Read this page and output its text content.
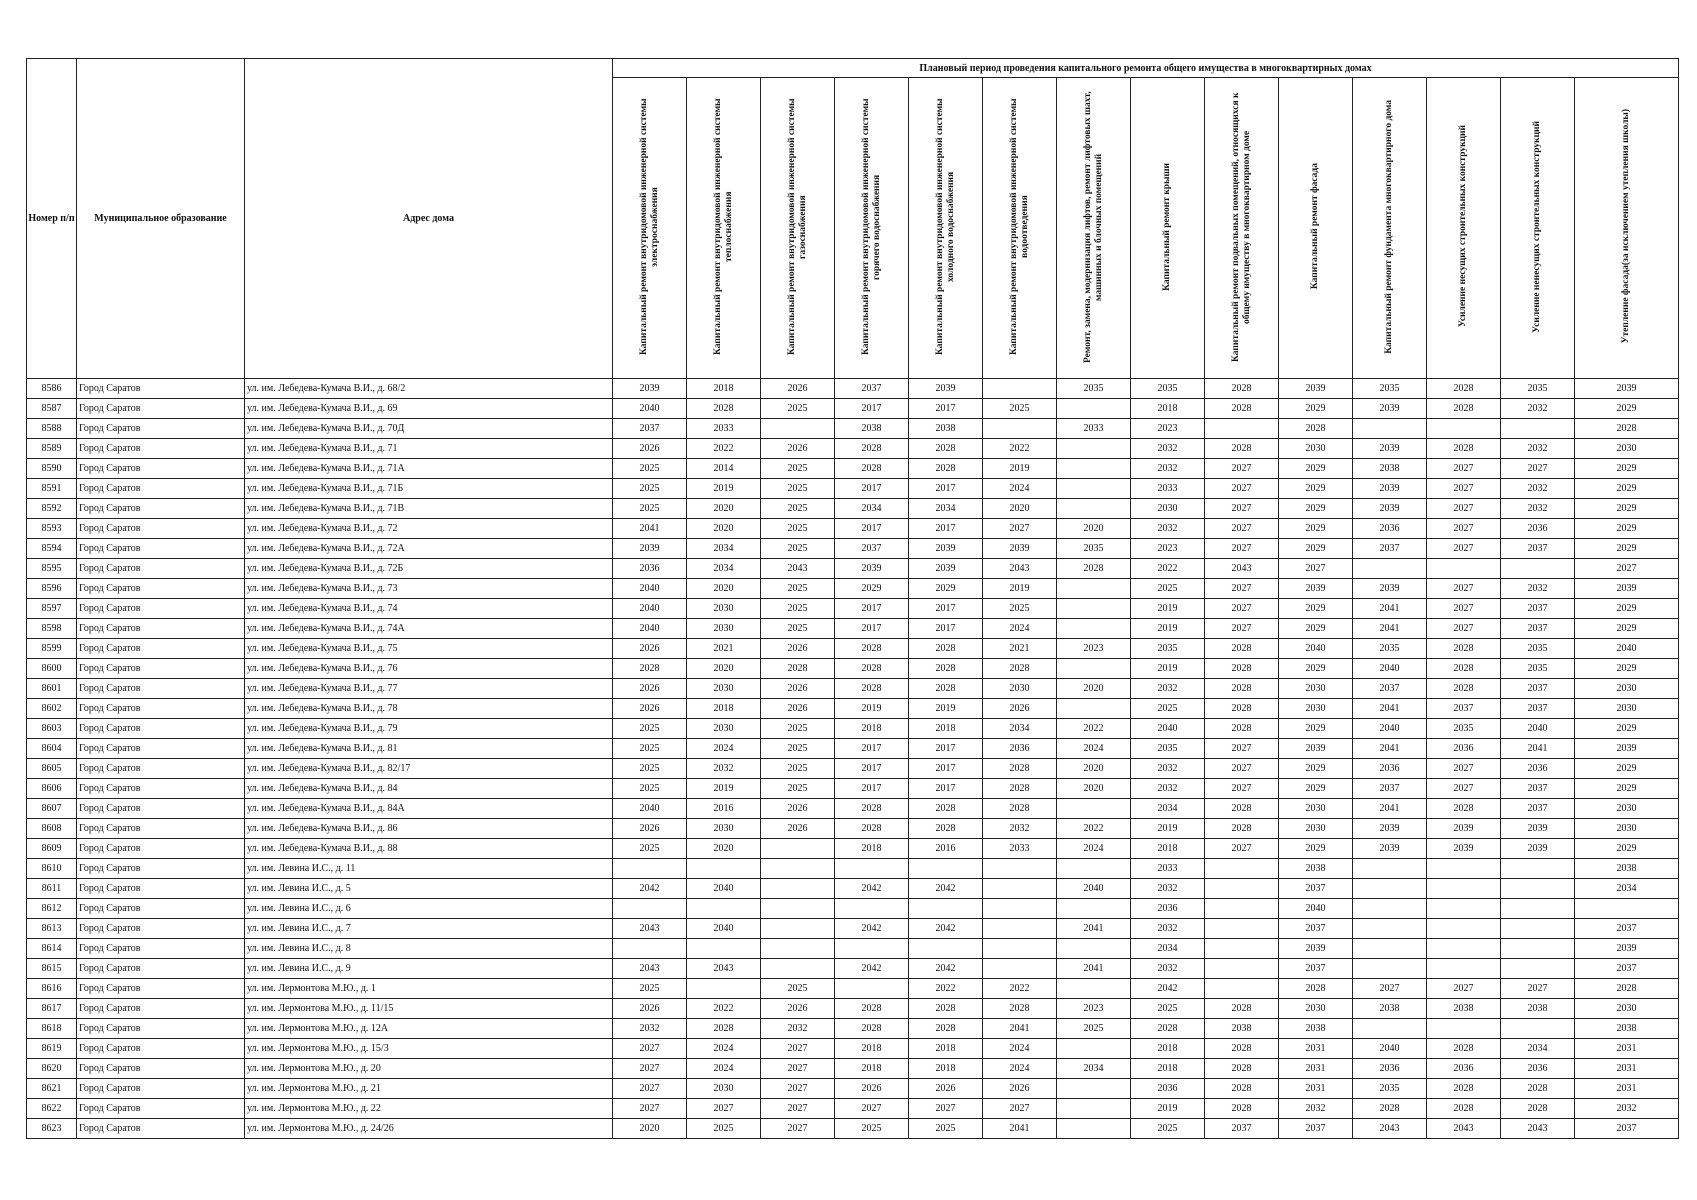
Номер п/п	Муниципальное образование	Адрес дома	Плановый период проведения капитального ремонта общего имущества в многоквартирных домах													
			Капитальный ремонт внутридомовой инженерной системы электроснабжения	Капитальный ремонт внутридомовой инженерной системы теплоснабжения	Капитальный ремонт внутридомовой инженерной системы газоснабжения	Капитальный ремонт внутридомовой инженерной системы горячего водоснабжения	Капитальный ремонт внутридомовой инженерной системы холодного водоснабжения	Капитальный ремонт внутридомовой инженерной системы водоотведения	Ремонт, замена, модернизация лифтов, ремонт лифтовых шахт, машинных и блочных помещений	Капитальный ремонт крыши	Капитальный ремонт подвальных помещений, относящихся к общему имуществу в многоквартирном доме	Капитальный ремонт фасада	Капитальный ремонт фундамента многоквартирного дома	Усиление несущих строительных конструкций	Усиление ненесущих строительных конструкций	Утепление фасада(за исключением утепления школы)
8586	Город Саратов	ул. им. Лебедева-Кумача В.И., д. 68/2	2039	2018	2026	2037	2039		2035	2035	2028	2039	2035	2028	2035	2039
8587	Город Саратов	ул. им. Лебедева-Кумача В.И., д. 69	2040	2028	2025	2017	2017	2025		2018	2028	2029	2039	2028	2032	2029
8588	Город Саратов	ул. им. Лебедева-Кумача В.И., д. 70Д	2037	2033		2038	2038		2033	2023		2028				2028
8589	Город Саратов	ул. им. Лебедева-Кумача В.И., д. 71	2026	2022	2026	2028	2028	2022		2032	2028	2030	2039	2028	2032	2030
8590	Город Саратов	ул. им. Лебедева-Кумача В.И., д. 71А	2025	2014	2025	2028	2028	2019		2032	2027	2029	2038	2027	2027	2029
8591	Город Саратов	ул. им. Лебедева-Кумача В.И., д. 71Б	2025	2019	2025	2017	2017	2024		2033	2027	2029	2039	2027	2032	2029
8592	Город Саратов	ул. им. Лебедева-Кумача В.И., д. 71В	2025	2020	2025	2034	2034	2020		2030	2027	2029	2039	2027	2032	2029
8593	Город Саратов	ул. им. Лебедева-Кумача В.И., д. 72	2041	2020	2025	2017	2017	2027	2020	2032	2027	2029	2036	2027	2036	2029
8594	Город Саратов	ул. им. Лебедева-Кумача В.И., д. 72А	2039	2034	2025	2037	2039	2039	2035	2023	2027	2029	2037	2027	2037	2029
8595	Город Саратов	ул. им. Лебедева-Кумача В.И., д. 72Б	2036	2034	2043	2039	2039	2043	2028	2022	2043	2027				2027
8596	Город Саратов	ул. им. Лебедева-Кумача В.И., д. 73	2040	2020	2025	2029	2029	2019		2025	2027	2039	2039	2027	2032	2039
8597	Город Саратов	ул. им. Лебедева-Кумача В.И., д. 74	2040	2030	2025	2017	2017	2025		2019	2027	2029	2041	2027	2037	2029
8598	Город Саратов	ул. им. Лебедева-Кумача В.И., д. 74А	2040	2030	2025	2017	2017	2024		2019	2027	2029	2041	2027	2037	2029
8599	Город Саратов	ул. им. Лебедева-Кумача В.И., д. 75	2026	2021	2026	2028	2028	2021	2023	2035	2028	2040	2035	2028	2035	2040
8600	Город Саратов	ул. им. Лебедева-Кумача В.И., д. 76	2028	2020	2028	2028	2028	2028		2019	2028	2029	2040	2028	2035	2029
8601	Город Саратов	ул. им. Лебедева-Кумача В.И., д. 77	2026	2030	2026	2028	2028	2030	2020	2032	2028	2030	2037	2028	2037	2030
8602	Город Саратов	ул. им. Лебедева-Кумача В.И., д. 78	2026	2018	2026	2019	2019	2026		2025	2028	2030	2041	2037	2037	2030
8603	Город Саратов	ул. им. Лебедева-Кумача В.И., д. 79	2025	2030	2025	2018	2018	2034	2022	2040	2028	2029	2040	2035	2040	2029
8604	Город Саратов	ул. им. Лебедева-Кумача В.И., д. 81	2025	2024	2025	2017	2017	2036	2024	2035	2027	2039	2041	2036	2041	2039
8605	Город Саратов	ул. им. Лебедева-Кумача В.И., д. 82/17	2025	2032	2025	2017	2017	2028	2020	2032	2027	2029	2036	2027	2036	2029
8606	Город Саратов	ул. им. Лебедева-Кумача В.И., д. 84	2025	2019	2025	2017	2017	2028	2020	2032	2027	2029	2037	2027	2037	2029
8607	Город Саратов	ул. им. Лебедева-Кумача В.И., д. 84А	2040	2016	2026	2028	2028	2028		2034	2028	2030	2041	2028	2037	2030
8608	Город Саратов	ул. им. Лебедева-Кумача В.И., д. 86	2026	2030	2026	2028	2028	2032	2022	2019	2028	2030	2039	2039	2039	2030
8609	Город Саратов	ул. им. Лебедева-Кумача В.И., д. 88	2025	2020		2018	2016	2033	2024	2018	2027	2029	2039	2039	2039	2029
8610	Город Саратов	ул. им. Левина И.С., д. 11								2033		2038				2038
8611	Город Саратов	ул. им. Левина И.С., д. 5	2042	2040		2042	2042		2040	2032		2037				2034
8612	Город Саратов	ул. им. Левина И.С., д. 6								2036		2040				
8613	Город Саратов	ул. им. Левина И.С., д. 7	2043	2040		2042	2042		2041	2032		2037				2037
8614	Город Саратов	ул. им. Левина И.С., д. 8								2034		2039				2039
8615	Город Саратов	ул. им. Левина И.С., д. 9	2043	2043		2042	2042		2041	2032		2037				2037
8616	Город Саратов	ул. им. Лермонтова М.Ю., д. 1	2025		2025		2022	2022		2042		2028	2027	2027	2027	2028
8617	Город Саратов	ул. им. Лермонтова М.Ю., д. 11/15	2026	2022	2026	2028	2028	2028	2023	2025	2028	2030	2038	2038	2038	2030
8618	Город Саратов	ул. им. Лермонтова М.Ю., д. 12А	2032	2028	2032	2028	2028	2041	2025	2028	2038	2038				2038
8619	Город Саратов	ул. им. Лермонтова М.Ю., д. 15/3	2027	2024	2027	2018	2018	2024		2018	2028	2031	2040	2028	2034	2031
8620	Город Саратов	ул. им. Лермонтова М.Ю., д. 20	2027	2024	2027	2018	2018	2024	2034	2018	2028	2031	2036	2036	2036	2031
8621	Город Саратов	ул. им. Лермонтова М.Ю., д. 21	2027	2030	2027	2026	2026	2026		2036	2028	2031	2035	2028	2028	2031
8622	Город Саратов	ул. им. Лермонтова М.Ю., д. 22	2027	2027	2027	2027	2027	2027		2019	2028	2032	2028	2028	2028	2032
8623	Город Саратов	ул. им. Лермонтова М.Ю., д. 24/26	2020	2025	2027	2025	2025	2041		2025	2037	2037	2043	2043	2043	2037
